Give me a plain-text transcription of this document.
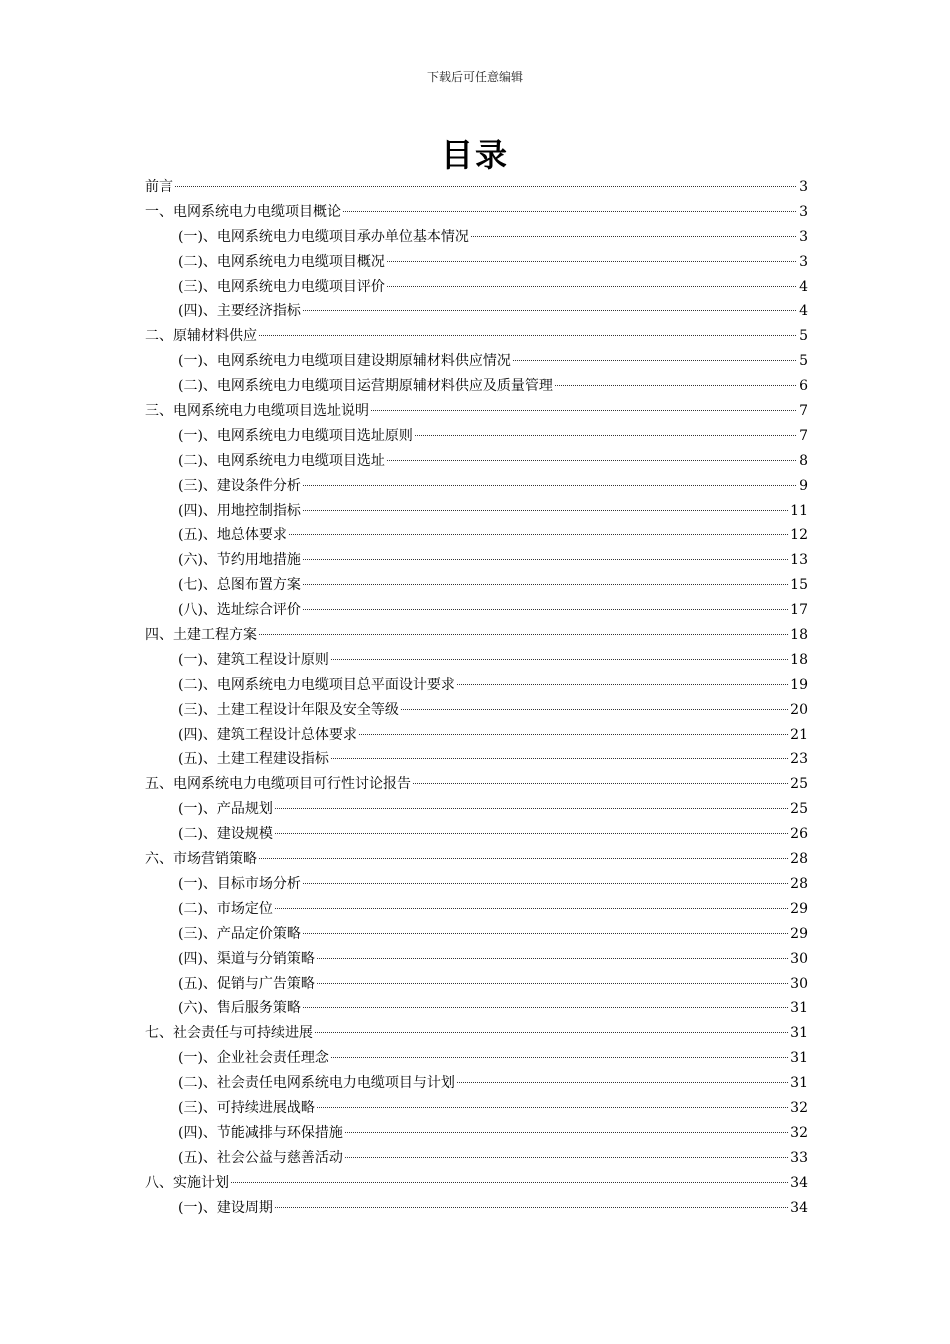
下载后可任意编辑
目录
前言	3
一、电网系统电力电缆项目概论	3
(一)、电网系统电力电缆项目承办单位基本情况	3
(二)、电网系统电力电缆项目概况	3
(三)、电网系统电力电缆项目评价	4
(四)、主要经济指标	4
二、原辅材料供应	5
(一)、电网系统电力电缆项目建设期原辅材料供应情况	5
(二)、电网系统电力电缆项目运营期原辅材料供应及质量管理	6
三、电网系统电力电缆项目选址说明	7
(一)、电网系统电力电缆项目选址原则	7
(二)、电网系统电力电缆项目选址	8
(三)、建设条件分析	9
(四)、用地控制指标	11
(五)、地总体要求	12
(六)、节约用地措施	13
(七)、总图布置方案	15
(八)、选址综合评价	17
四、土建工程方案	18
(一)、建筑工程设计原则	18
(二)、电网系统电力电缆项目总平面设计要求	19
(三)、土建工程设计年限及安全等级	20
(四)、建筑工程设计总体要求	21
(五)、土建工程建设指标	23
五、电网系统电力电缆项目可行性讨论报告	25
(一)、产品规划	25
(二)、建设规模	26
六、市场营销策略	28
(一)、目标市场分析	28
(二)、市场定位	29
(三)、产品定价策略	29
(四)、渠道与分销策略	30
(五)、促销与广告策略	30
(六)、售后服务策略	31
七、社会责任与可持续进展	31
(一)、企业社会责任理念	31
(二)、社会责任电网系统电力电缆项目与计划	31
(三)、可持续进展战略	32
(四)、节能减排与环保措施	32
(五)、社会公益与慈善活动	33
八、实施计划	34
(一)、建设周期	34
